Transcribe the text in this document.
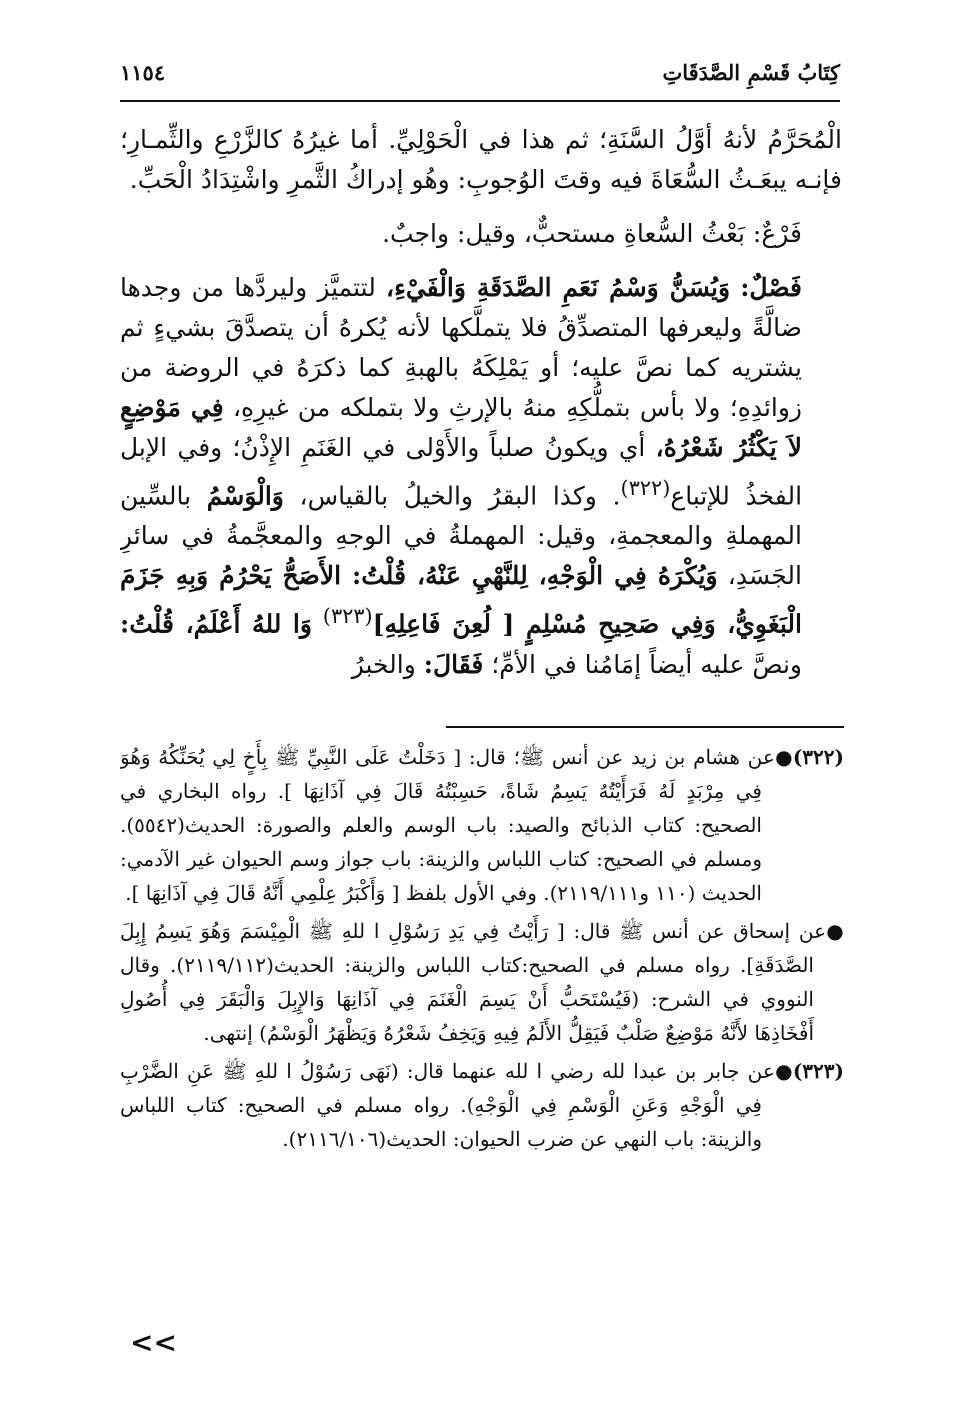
كِتَابُ قَسْمِ الصَّدَقَاتِ
١١٥٤

الْمُحَرَّمُ لأنهُ أوَّلُ السَّنَةِ؛ ثم هذا في الْحَوْلِيِّ. أما غيرُهُ كالزَّرْعِ والثِّمـارِ؛ فإنـه يبعَـثُ السُّعَاةَ فيه وقتَ الوُجوبِ: وهُو إدراكُ الثَّمرِ واشْتِدَادُ الْحَبِّ.

فَرْعٌ: بَعْثُ السُّعاةِ مستحبٌّ، وقيل: واجبٌ.

فَصْلٌ: وَيُسَنُّ وَسْمُ نَعَمِ الصَّدَقَةِ وَالْفَيْءِ، لتتميَّز وليردَّها من وجدها ضالَّةً وليعرفها المتصدِّقُ فلا يتملَّكها لأنه يُكرهُ أن يتصدَّقَ بشيءٍ ثم يشتريه كما نصَّ عليه؛ أو يَمْلِكَهُ بالهبةِ كما ذكرَهُ في الروضة من زوائدِهِ؛ ولا بأس بتملُّكِهِ منهُ بالإرثِ ولا بتملكه من غيرِهِ، فِي مَوْضِعٍ لاَ يَكْثُرُ شَعْرُهُ، أي ويكونُ صلباً والأَوْلى في الغَنَمِ الإِذْنُ؛ وفي الإبل الفخذُ للإتباع$^{(٣٢٢)}$. وكذا البقرُ والخيلُ بالقياس، وَالْوَسْمُ بالسِّين المهملةِ والمعجمةِ، وقيل: المهملةُ في الوجهِ والمعجَّمةُ في سائرِ الجَسَدِ، وَيُكْرَهُ فِي الْوَجْهِ، لِلنَّهْيِ عَنْهُ، قُلْتُ: الأَصَحُّ يَحْرُمُ وَبِهِ جَزَمَ الْبَغَوِيُّ، وَفِي صَحِيحِ مُسْلِمٍ [ لُعِنَ فَاعِلِهِ]$^{(٣٢٣)}$ وَا للهُ أَعْلَمُ، قُلْتُ: ونصَّ عليه أيضاً إمَامُنا في الأمِّ؛ فَقَالَ: والخبرُ

(٣٢٢)●عن هشام بن زيد عن أنس ﷺ؛ قال: [ دَخَلْتُ عَلَى النَّبِيِّ ﷺ بِأَخٍ لِي يُحَنِّكُهُ وَهُوَ فِي مِرْبَدٍ لَهُ فَرَأَيْتُهُ يَسِمُ شَاةً، حَسِبْتُهُ قَالَ فِي آذَانِهَا ]. رواه البخاري في الصحيح: كتاب الذبائح والصيد: باب الوسم والعلم والصورة: الحديث(٥٥٤٢). ومسلم في الصحيح: كتاب اللباس والزينة: باب جواز وسم الحيوان غير الآدمي: الحديث (١١٠ و٢١١٩/١١١). وفي الأول بلفظ [ وَأَكْبَرُ عِلْمِي أَنَّهُ قَالَ فِي آذَانِهَا ].
●عن إسحاق عن أنس ﷺ قال: [ رَأَيْتُ فِي يَدِ رَسُوْلِ ا للهِ ﷺ الْمِيْسَمَ وَهُوَ يَسِمُ إِبِلَ الصَّدَقَةِ]. رواه مسلم في الصحيح:كتاب اللباس والزينة: الحديث(٢١١٩/١١٢). وقال النووي في الشرح: (فَيُسْتَحَبُّ أَنْ يَسِمَ الْغَنَمَ فِي آذَانِهَا وَالإِبِلَ وَالْبَقَرَ فِي أُصُولِ أَفْخَاذِهَا لأَنَّهُ مَوْضِعٌ صَلْبٌ فَيَقِلُّ الأَلَمُ فِيهِ وَيَخِفُ شَعْرُهُ وَيَظْهَرُ الْوَسْمُ) إنتهى.
(٣٢٣)●عن جابر بن عبدا لله رضي ا لله عنهما قال: (نَهَى رَسُوْلُ ا للهِ ﷺ عَنِ الضَّرْبِ فِي الْوَجْهِ وَعَنِ الْوَسْمِ فِي الْوَجْهِ). رواه مسلم في الصحيح: كتاب اللباس والزينة: باب النهي عن ضرب الحيوان: الحديث(٢١١٦/١٠٦).
<<
